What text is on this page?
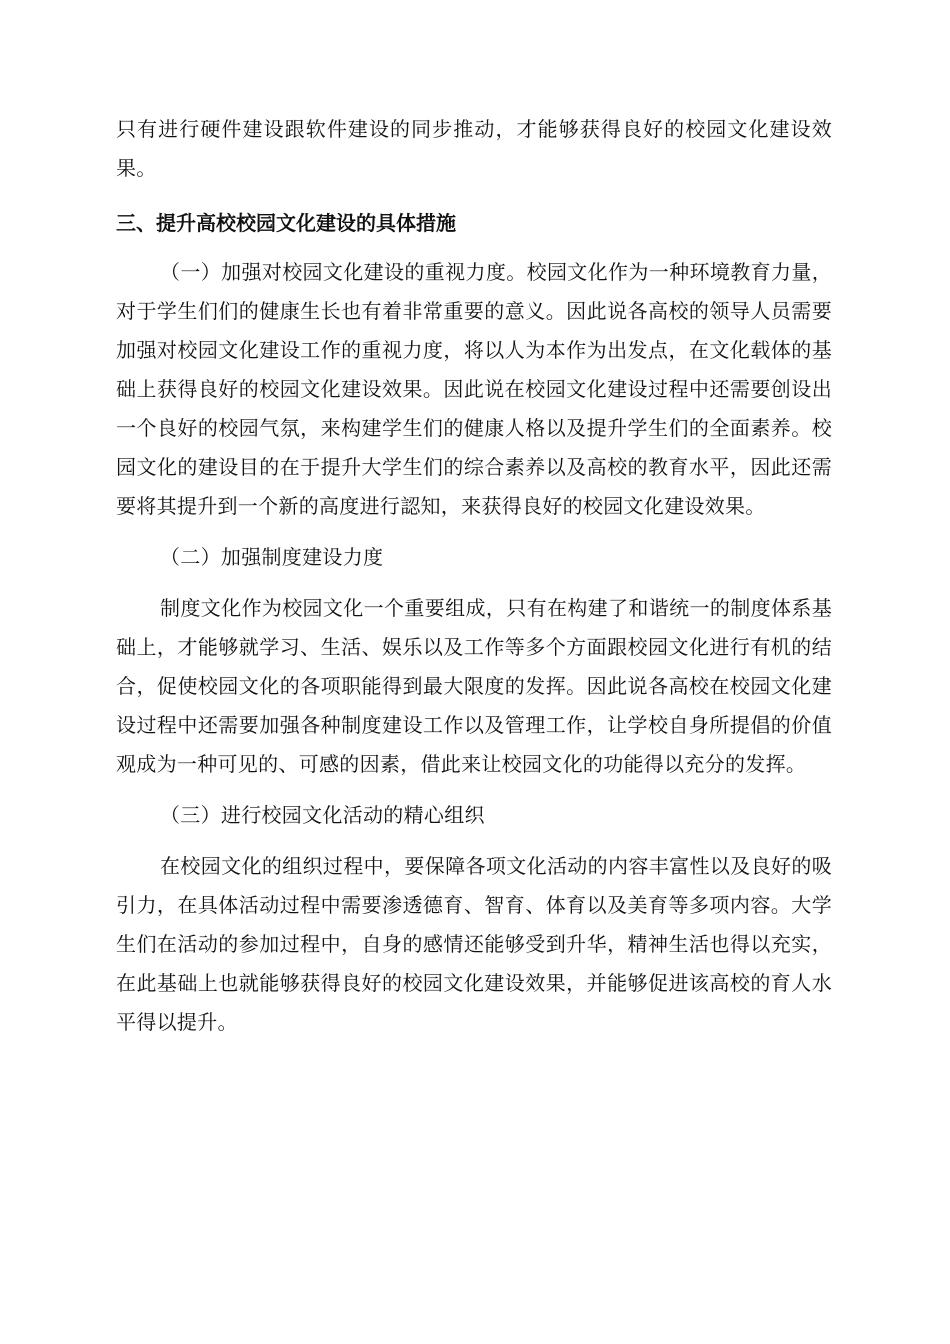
只有进行硬件建设跟软件建设的同步推动，才能够获得良好的校园文化建设效果。

三、提升高校校园文化建设的具体措施

（一）加强对校园文化建设的重视力度。校园文化作为一种环境教育力量，对于学生们们的健康生长也有着非常重要的意义。因此说各高校的领导人员需要加强对校园文化建设工作的重视力度，将以人为本作为出发点，在文化载体的基础上获得良好的校园文化建设效果。因此说在校园文化建设过程中还需要创设出一个良好的校园气氛，来构建学生们的健康人格以及提升学生们的全面素养。校园文化的建设目的在于提升大学生们的综合素养以及高校的教育水平，因此还需要将其提升到一个新的高度进行認知，来获得良好的校园文化建设效果。

（二）加强制度建设力度

制度文化作为校园文化一个重要组成，只有在构建了和谐统一的制度体系基础上，才能够就学习、生活、娱乐以及工作等多个方面跟校园文化进行有机的结合，促使校园文化的各项职能得到最大限度的发挥。因此说各高校在校园文化建设过程中还需要加强各种制度建设工作以及管理工作，让学校自身所提倡的价值观成为一种可见的、可感的因素，借此来让校园文化的功能得以充分的发挥。

（三）进行校园文化活动的精心组织

在校园文化的组织过程中，要保障各项文化活动的内容丰富性以及良好的吸引力，在具体活动过程中需要渗透德育、智育、体育以及美育等多项内容。大学生们在活动的参加过程中，自身的感情还能够受到升华，精神生活也得以充实，在此基础上也就能够获得良好的校园文化建设效果，并能够促进该高校的育人水平得以提升。
